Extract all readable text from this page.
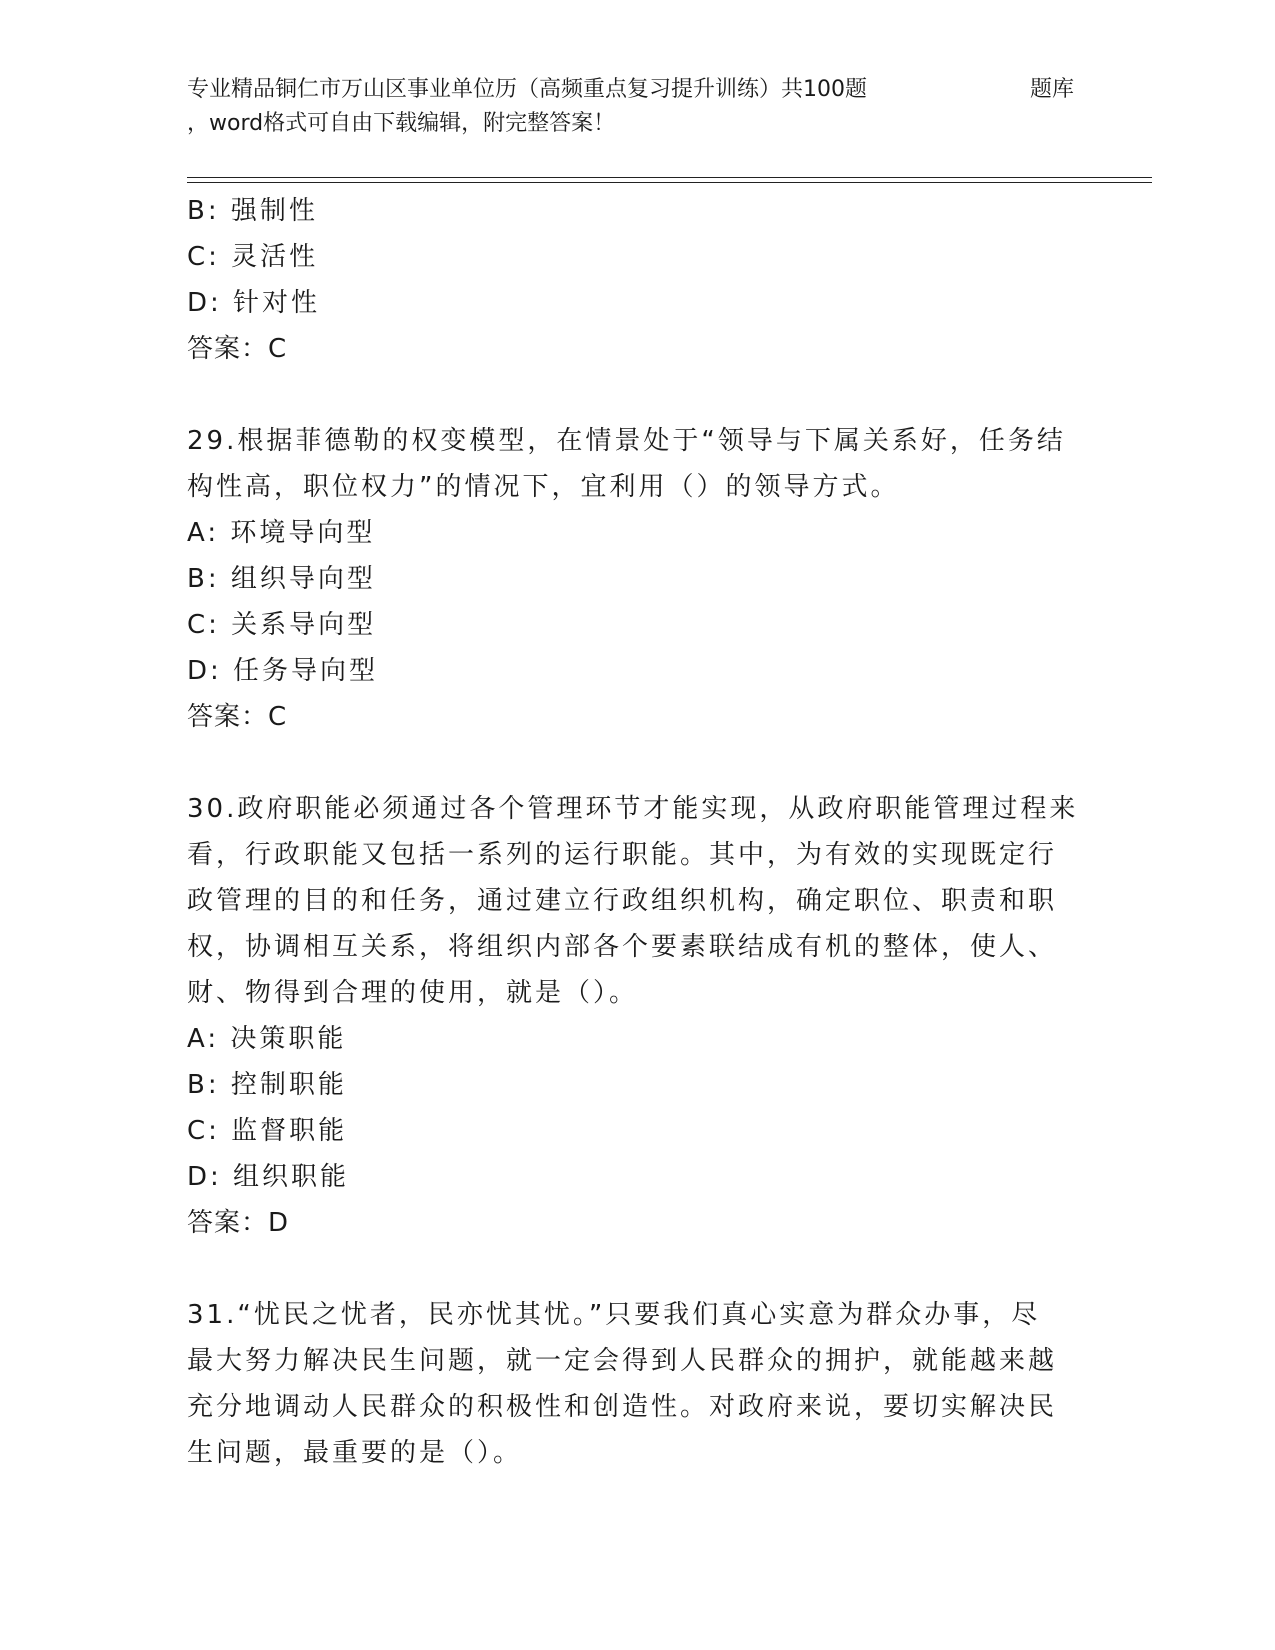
专业精品铜仁市万山区事业单位历（高频重点复习提升训练）共100题	题库
，word格式可自由下载编辑，附完整答案！

B: 强制性

C: 灵活性

D: 针对性

答案：C

29.根据菲德勒的权变模型，在情景处于“领导与下属关系好，任务结

构性高，职位权力”的情况下，宜利用（）的领导方式。

A: 环境导向型

B: 组织导向型

C: 关系导向型

D: 任务导向型

答案：C

30.政府职能必须通过各个管理环节才能实现，从政府职能管理过程来

看，行政职能又包括一系列的运行职能。其中，为有效的实现既定行

政管理的目的和任务，通过建立行政组织机构，确定职位、职责和职

权，协调相互关系，将组织内部各个要素联结成有机的整体，使人、

财、物得到合理的使用，就是（）。

A: 决策职能

B: 控制职能

C: 监督职能

D: 组织职能

答案：D

31.“忧民之忧者，民亦忧其忧。”只要我们真心实意为群众办事，尽

最大努力解决民生问题，就一定会得到人民群众的拥护，就能越来越

充分地调动人民群众的积极性和创造性。对政府来说，要切实解决民

生问题，最重要的是（）。
